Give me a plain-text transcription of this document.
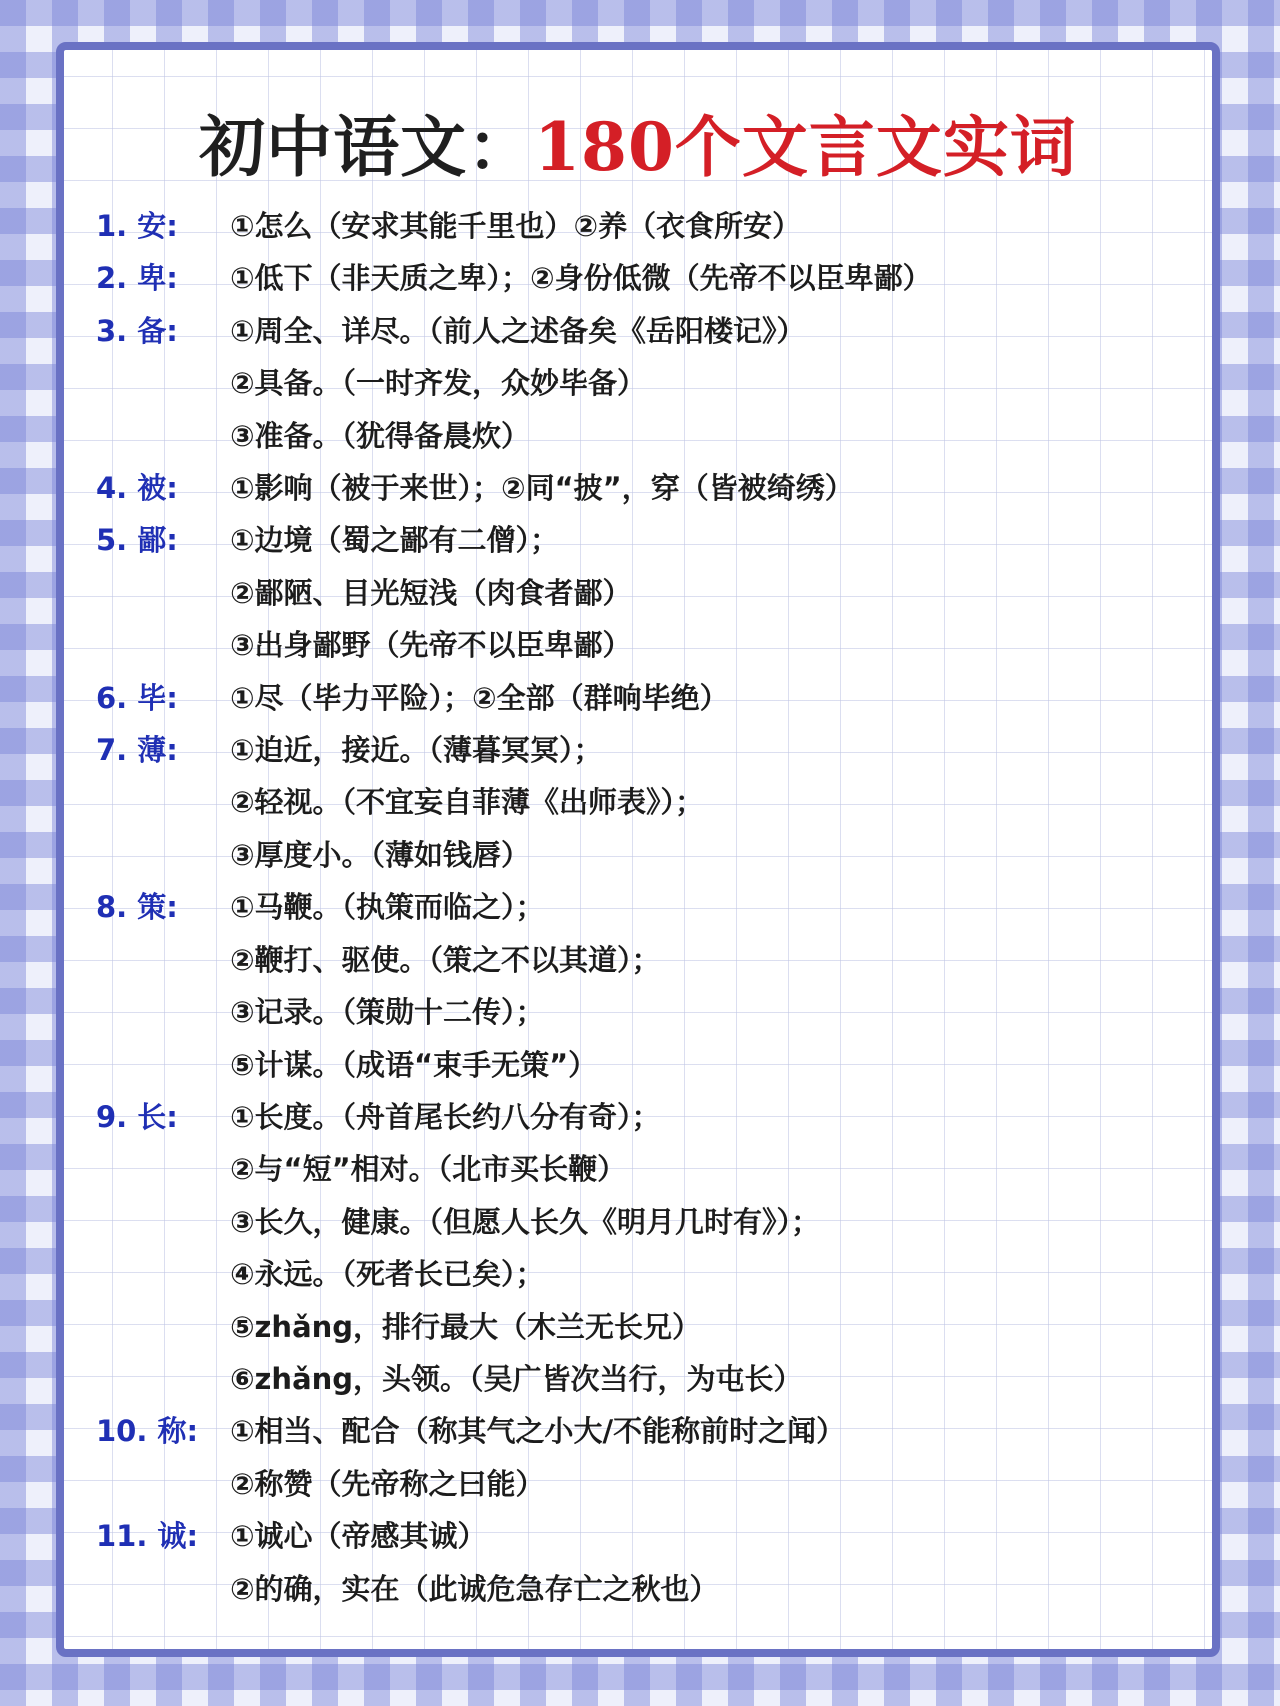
初中语文：180个文言文实词
1. 安:	①怎么（安求其能千里也）②养（衣食所安）
2. 卑:	①低下（非天质之卑）；②身份低微（先帝不以臣卑鄙）
3. 备:	①周全、详尽。（前人之述备矣《岳阳楼记》）
②具备。（一时齐发，众妙毕备）
③准备。（犹得备晨炊）
4. 被:	①影响（被于来世）；②同“披”，穿（皆被绮绣）
5. 鄙:	①边境（蜀之鄙有二僧）；
②鄙陋、目光短浅（肉食者鄙）
③出身鄙野（先帝不以臣卑鄙）
6. 毕:	①尽（毕力平险）；②全部（群响毕绝）
7. 薄:	①迫近，接近。（薄暮冥冥）；
②轻视。（不宜妄自菲薄《出师表》）；
③厚度小。（薄如钱唇）
8. 策:	①马鞭。（执策而临之）；
②鞭打、驱使。（策之不以其道）；
③记录。（策勋十二传）；
⑤计谋。（成语“束手无策”）
9. 长:	①长度。（舟首尾长约八分有奇）；
②与“短”相对。（北市买长鞭）
③长久，健康。（但愿人长久《明月几时有》）；
④永远。（死者长已矣）；
⑤zhǎng，排行最大（木兰无长兄）
⑥zhǎng，头领。（吴广皆次当行，为屯长）
10. 称:	①相当、配合（称其气之小大/不能称前时之闻）
②称赞（先帝称之曰能）
11. 诚:	①诚心（帝感其诚）
②的确，实在（此诚危急存亡之秋也）
